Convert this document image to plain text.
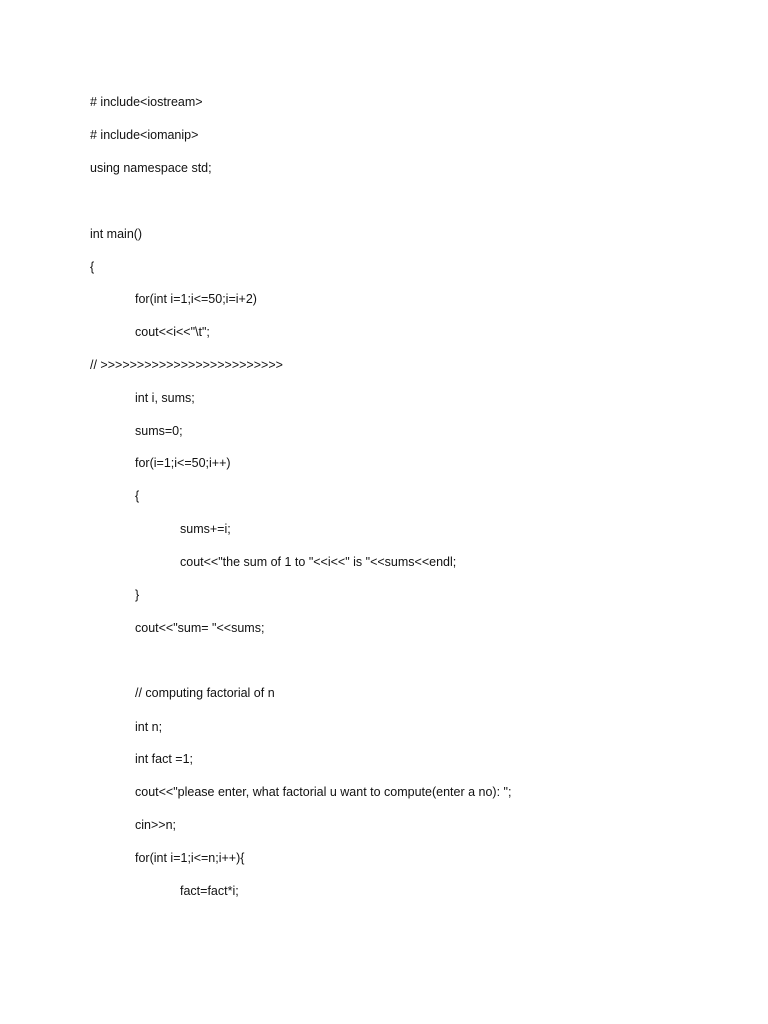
# include<iostream>
# include<iomanip>
using namespace std;
int main()
{
for(int i=1;i<=50;i=i+2)
cout<<i<<"\t";
// >>>>>>>>>>>>>>>>>>>>>>>>>
int i, sums;
sums=0;
for(i=1;i<=50;i++)
{
sums+=i;
cout<<"the sum of 1 to "<<i<<" is "<<sums<<endl;
}
cout<<"sum= "<<sums;
// computing factorial of n
int n;
int fact =1;
cout<<"please enter, what factorial u want to compute(enter a no): ";
cin>>n;
for(int i=1;i<=n;i++){
fact=fact*i;
